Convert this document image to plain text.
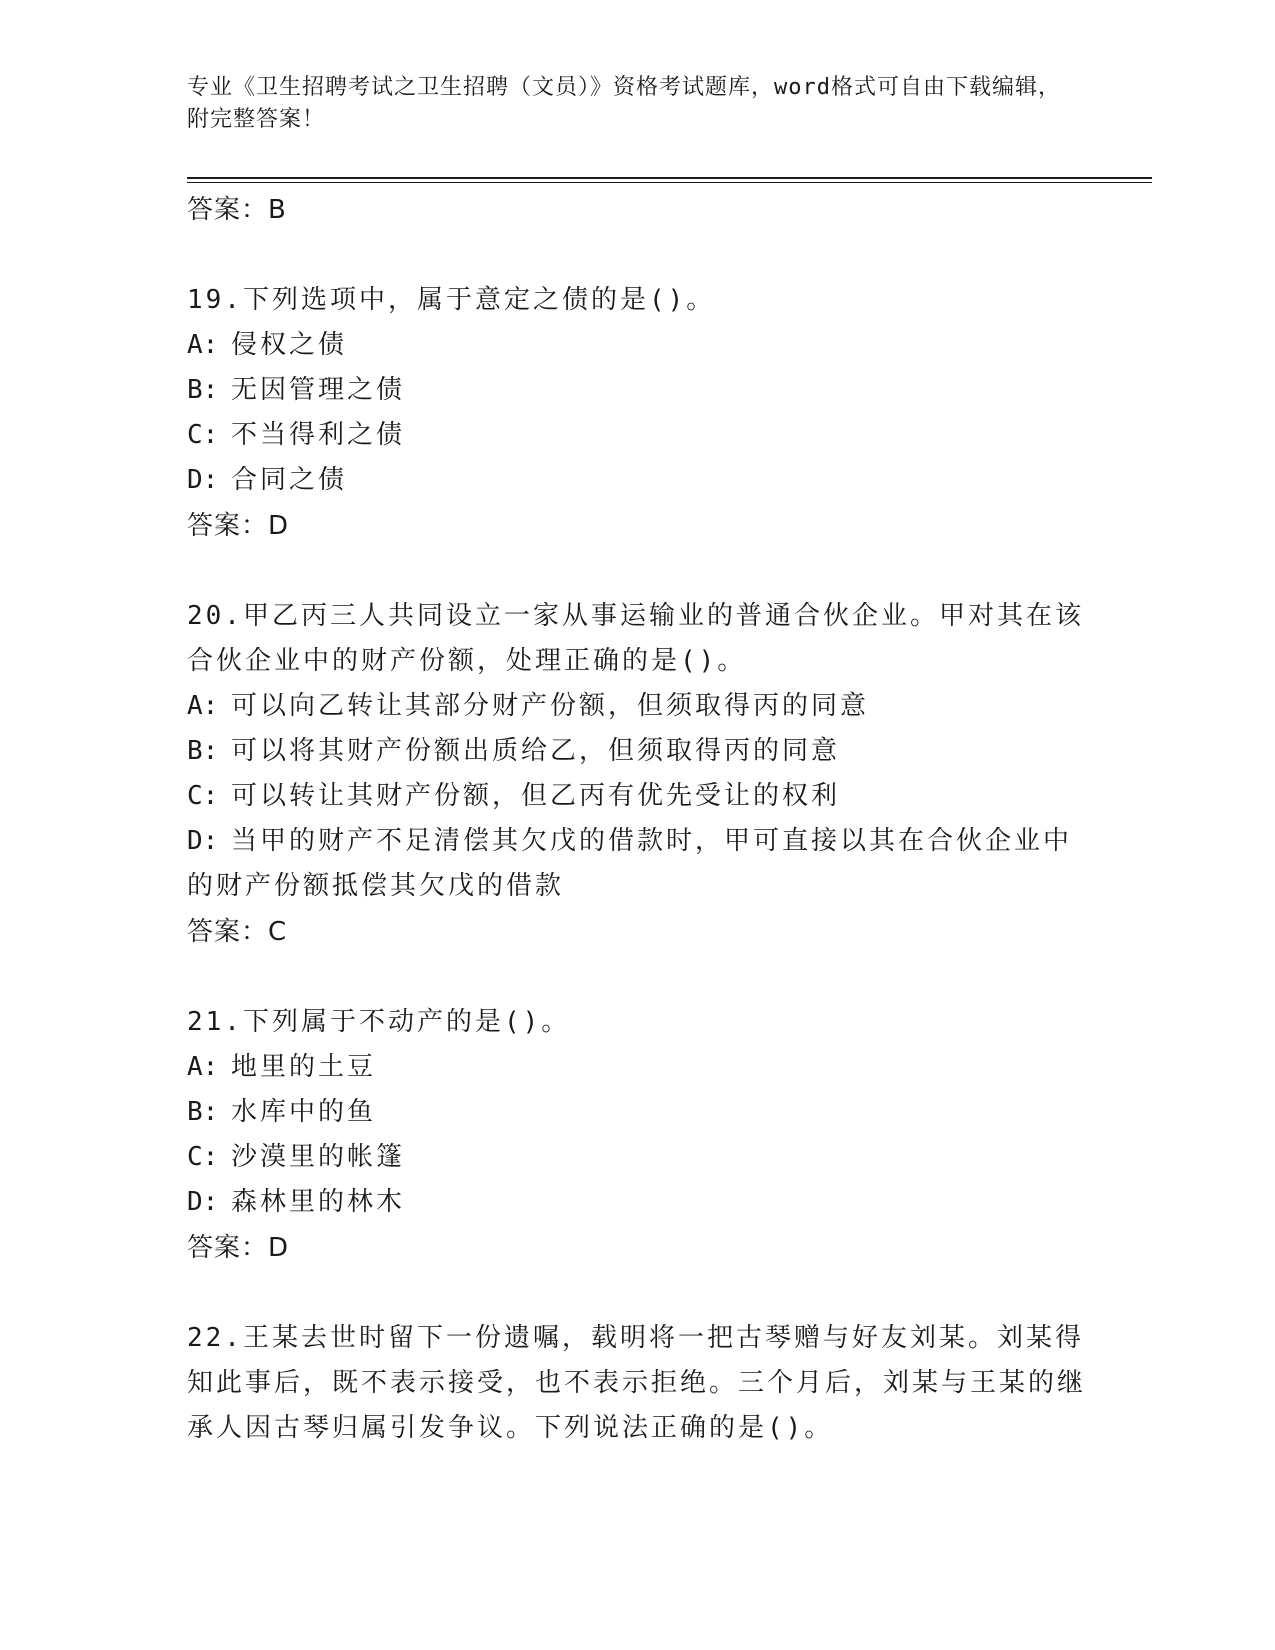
专业《卫生招聘考试之卫生招聘（文员）》资格考试题库，word格式可自由下载编辑，附完整答案！

答案：B

19.下列选项中，属于意定之债的是()。

A: 侵权之债

B: 无因管理之债

C: 不当得利之债

D: 合同之债

答案：D

20.甲乙丙三人共同设立一家从事运输业的普通合伙企业。甲对其在该合伙企业中的财产份额，处理正确的是()。

A: 可以向乙转让其部分财产份额，但须取得丙的同意

B: 可以将其财产份额出质给乙，但须取得丙的同意

C: 可以转让其财产份额，但乙丙有优先受让的权利

D: 当甲的财产不足清偿其欠戊的借款时，甲可直接以其在合伙企业中的财产份额抵偿其欠戊的借款

答案：C

21.下列属于不动产的是()。

A: 地里的土豆

B: 水库中的鱼

C: 沙漠里的帐篷

D: 森林里的林木

答案：D

22.王某去世时留下一份遗嘱，载明将一把古琴赠与好友刘某。刘某得知此事后，既不表示接受，也不表示拒绝。三个月后，刘某与王某的继承人因古琴归属引发争议。下列说法正确的是()。
